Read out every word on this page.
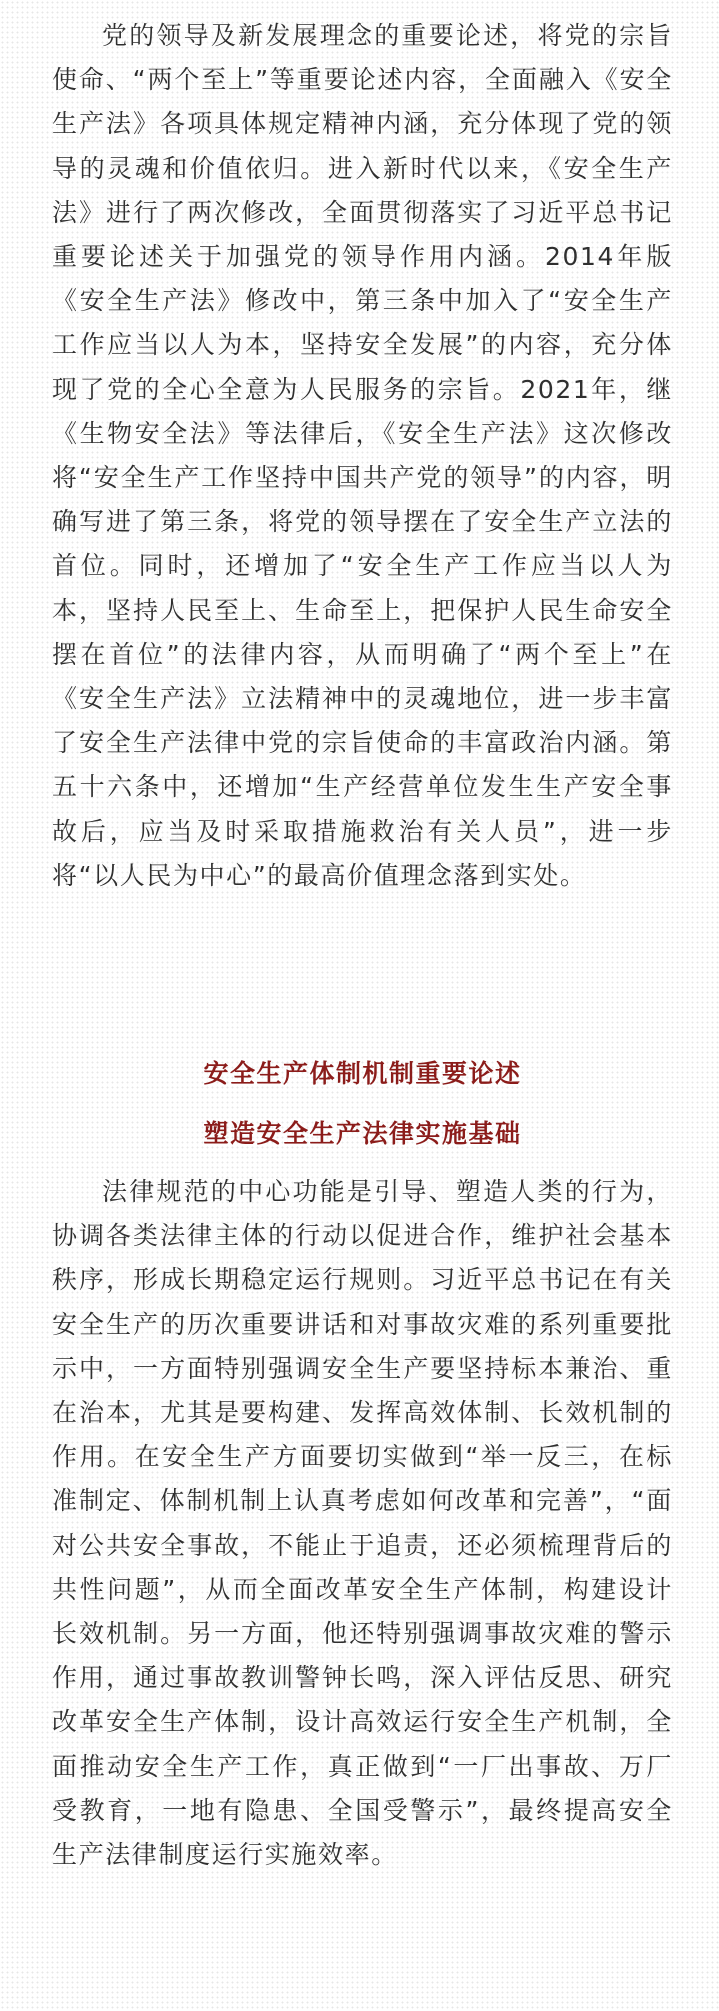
党的领导及新发展理念的重要论述，将党的宗旨使命、“两个至上”等重要论述内容，全面融入《安全生产法》各项具体规定精神内涵，充分体现了党的领导的灵魂和价值依归。进入新时代以来，《安全生产法》进行了两次修改，全面贯彻落实了习近平总书记重要论述关于加强党的领导作用内涵。2014年版《安全生产法》修改中，第三条中加入了“安全生产工作应当以人为本，坚持安全发展”的内容，充分体现了党的全心全意为人民服务的宗旨。2021年，继《生物安全法》等法律后，《安全生产法》这次修改将“安全生产工作坚持中国共产党的领导”的内容，明确写进了第三条，将党的领导摆在了安全生产立法的首位。同时，还增加了“安全生产工作应当以人为本，坚持人民至上、生命至上，把保护人民生命安全摆在首位”的法律内容，从而明确了“两个至上”在《安全生产法》立法精神中的灵魂地位，进一步丰富了安全生产法律中党的宗旨使命的丰富政治内涵。第五十六条中，还增加“生产经营单位发生生产安全事故后，应当及时采取措施救治有关人员”，进一步将“以人民为中心”的最高价值理念落到实处。

安全生产体制机制重要论述
塑造安全生产法律实施基础

法律规范的中心功能是引导、塑造人类的行为，协调各类法律主体的行动以促进合作，维护社会基本秩序，形成长期稳定运行规则。习近平总书记在有关安全生产的历次重要讲话和对事故灾难的系列重要批示中，一方面特别强调安全生产要坚持标本兼治、重在治本，尤其是要构建、发挥高效体制、长效机制的作用。在安全生产方面要切实做到“举一反三，在标准制定、体制机制上认真考虑如何改革和完善”，“面对公共安全事故，不能止于追责，还必须梳理背后的共性问题”，从而全面改革安全生产体制，构建设计长效机制。另一方面，他还特别强调事故灾难的警示作用，通过事故教训警钟长鸣，深入评估反思、研究改革安全生产体制，设计高效运行安全生产机制，全面推动安全生产工作，真正做到“一厂出事故、万厂受教育，一地有隐患、全国受警示”，最终提高安全生产法律制度运行实施效率。
